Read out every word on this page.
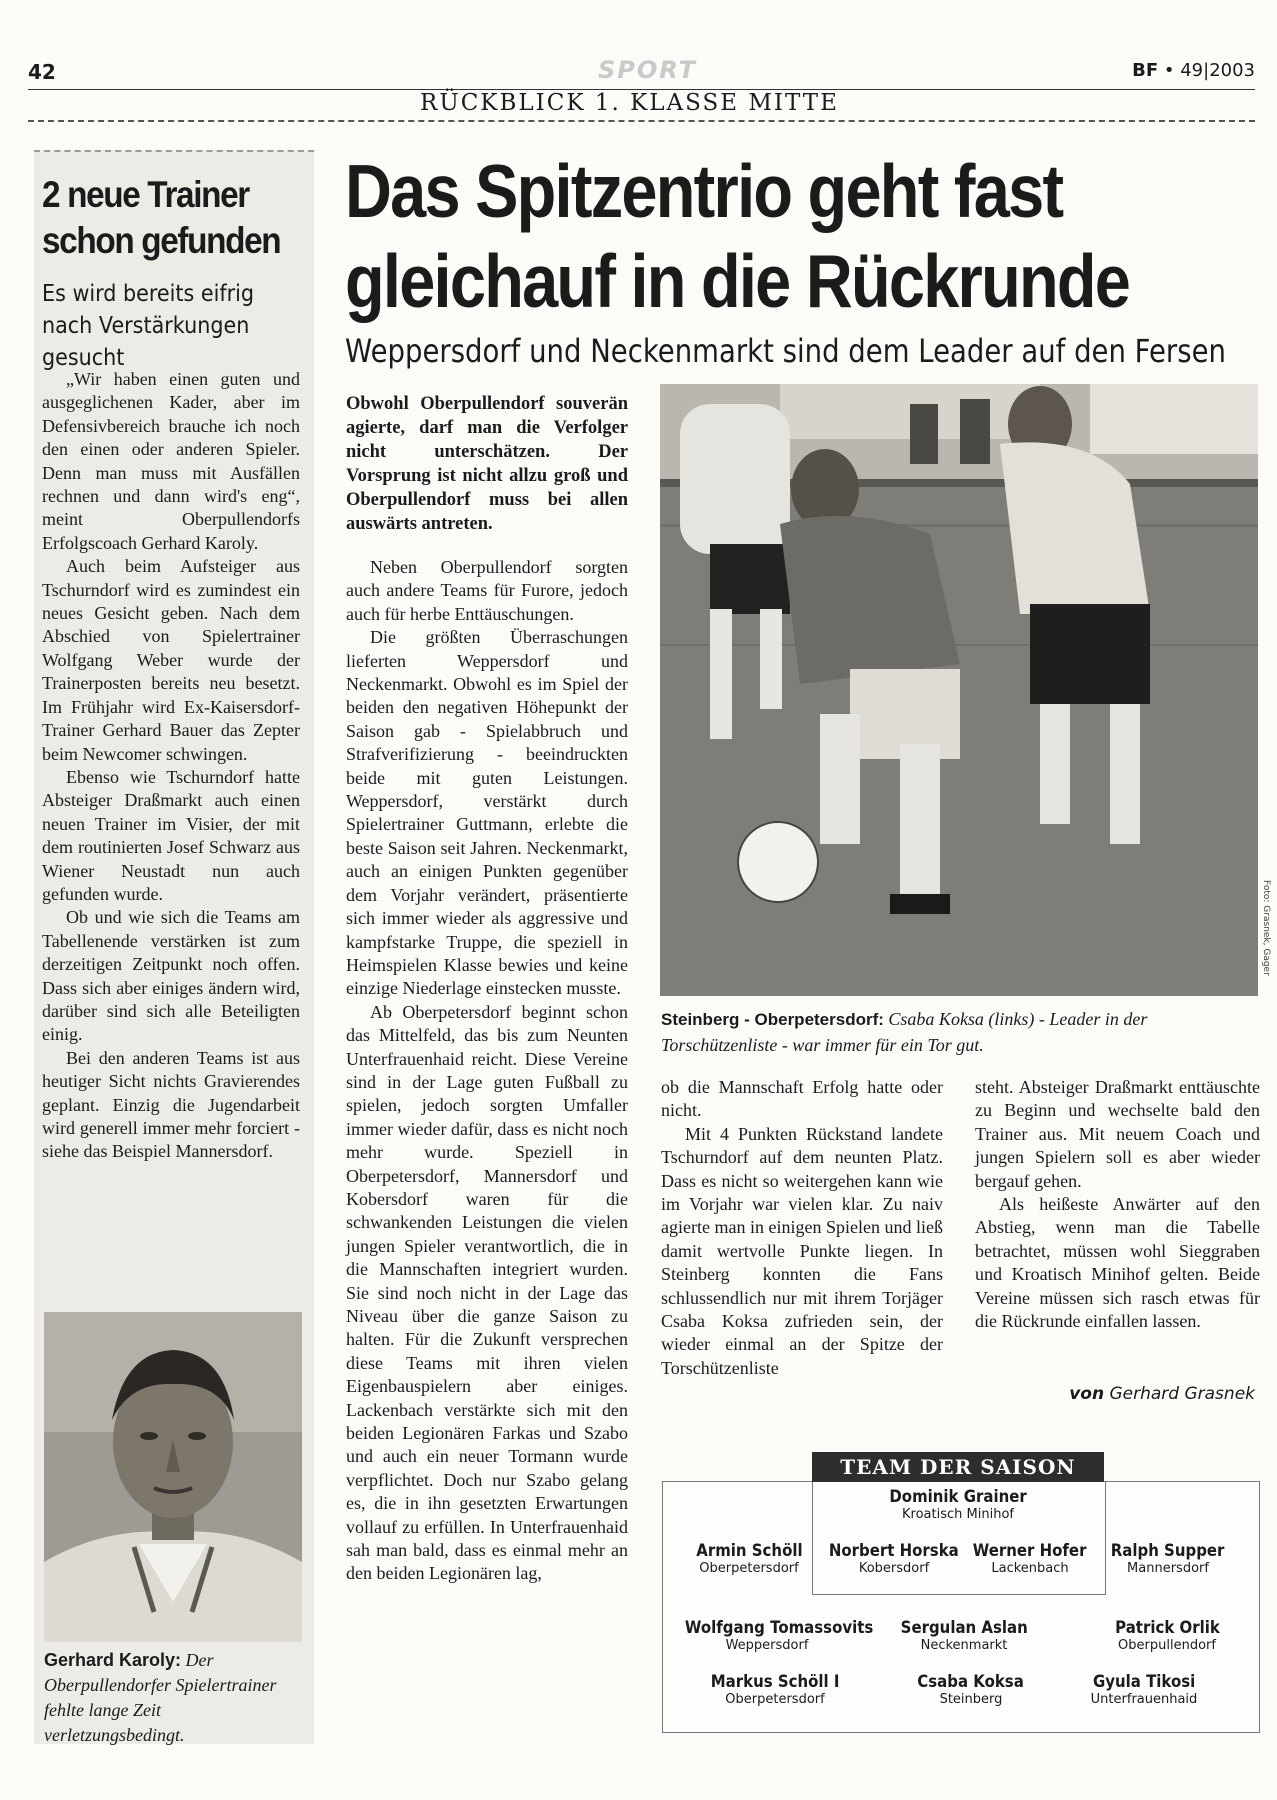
42	SPORT	BF • 49|2003
RÜCKBLICK 1. KLASSE MITTE
2 neue Trainer schon gefunden
Es wird bereits eifrig nach Verstärkungen gesucht

„Wir haben einen guten und ausgeglichenen Kader, aber im Defensivbereich brauche ich noch den einen oder anderen Spieler. Denn man muss mit Ausfällen rechnen und dann wird's eng“, meint Oberpullendorfs Erfolgscoach Gerhard Karoly.

Auch beim Aufsteiger aus Tschurndorf wird es zumindest ein neues Gesicht geben. Nach dem Abschied von Spielertrainer Wolfgang Weber wurde der Trainerposten bereits neu besetzt. Im Frühjahr wird Ex-Kaisersdorf-Trainer Gerhard Bauer das Zepter beim Newcomer schwingen.

Ebenso wie Tschurndorf hatte Absteiger Draßmarkt auch einen neuen Trainer im Visier, der mit dem routinierten Josef Schwarz aus Wiener Neustadt nun auch gefunden wurde.

Ob und wie sich die Teams am Tabellenende verstärken ist zum derzeitigen Zeitpunkt noch offen. Dass sich aber einiges ändern wird, darüber sind sich alle Beteiligten einig.

Bei den anderen Teams ist aus heutiger Sicht nichts Gravierendes geplant. Einzig die Jugendarbeit wird generell immer mehr forciert - siehe das Beispiel Mannersdorf.

Gerhard Karoly: Der Oberpullendorfer Spielertrainer fehlte lange Zeit verletzungsbedingt.
Das Spitzentrio geht fast
gleichauf in die Rückrunde
Weppersdorf und Neckenmarkt sind dem Leader auf den Fersen
Obwohl Oberpullendorf souverän agierte, darf man die Verfolger nicht unterschätzen. Der Vorsprung ist nicht allzu groß und Oberpullendorf muss bei allen auswärts antreten.

Neben Oberpullendorf sorgten auch andere Teams für Furore, jedoch auch für herbe Enttäuschungen.

Die größten Überraschungen lieferten Weppersdorf und Neckenmarkt. Obwohl es im Spiel der beiden den negativen Höhepunkt der Saison gab - Spielabbruch und Strafverifizierung - beeindruckten beide mit guten Leistungen. Weppersdorf, verstärkt durch Spielertrainer Guttmann, erlebte die beste Saison seit Jahren. Neckenmarkt, auch an einigen Punkten gegenüber dem Vorjahr verändert, präsentierte sich immer wieder als aggressive und kampfstarke Truppe, die speziell in Heimspielen Klasse bewies und keine einzige Niederlage einstecken musste.

Ab Oberpetersdorf beginnt schon das Mittelfeld, das bis zum Neunten Unterfrauenhaid reicht. Diese Vereine sind in der Lage guten Fußball zu spielen, jedoch sorgten Umfaller immer wieder dafür, dass es nicht noch mehr wurde. Speziell in Oberpetersdorf, Mannersdorf und Kobersdorf waren für die schwankenden Leistungen die vielen jungen Spieler verantwortlich, die in die Mannschaften integriert wurden. Sie sind noch nicht in der Lage das Niveau über die ganze Saison zu halten. Für die Zukunft versprechen diese Teams mit ihren vielen Eigenbauspielern aber einiges. Lackenbach verstärkte sich mit den beiden Legionären Farkas und Szabo und auch ein neuer Tormann wurde verpflichtet. Doch nur Szabo gelang es, die in ihn gesetzten Erwartungen vollauf zu erfüllen. In Unterfrauenhaid sah man bald, dass es einmal mehr an den beiden Legionären lag,

Foto: Grasnek, Gager
Steinberg - Oberpetersdorf: Csaba Koksa (links) - Leader in der Torschützenliste - war immer für ein Tor gut.

ob die Mannschaft Erfolg hatte oder nicht.

Mit 4 Punkten Rückstand landete Tschurndorf auf dem neunten Platz. Dass es nicht so weitergehen kann wie im Vorjahr war vielen klar. Zu naiv agierte man in einigen Spielen und ließ damit wertvolle Punkte liegen. In Steinberg konnten die Fans schlussendlich nur mit ihrem Torjäger Csaba Koksa zufrieden sein, der wieder einmal an der Spitze der Torschützenliste

steht. Absteiger Draßmarkt enttäuschte zu Beginn und wechselte bald den Trainer aus. Mit neuem Coach und jungen Spielern soll es aber wieder bergauf gehen.

Als heißeste Anwärter auf den Abstieg, wenn man die Tabelle betrachtet, müssen wohl Sieggraben und Kroatisch Minihof gelten. Beide Vereine müssen sich rasch etwas für die Rückrunde einfallen lassen.

von Gerhard Grasnek
TEAM DER SAISON
Dominik Grainer
Kroatisch Minihof
Armin Schöll
Oberpetersdorf
Norbert Horska
Kobersdorf
Werner Hofer
Lackenbach
Ralph Supper
Mannersdorf
Wolfgang Tomassovits
Weppersdorf
Sergulan Aslan
Neckenmarkt
Patrick Orlik
Oberpullendorf
Markus Schöll I
Oberpetersdorf
Csaba Koksa
Steinberg
Gyula Tikosi
Unterfrauenhaid
